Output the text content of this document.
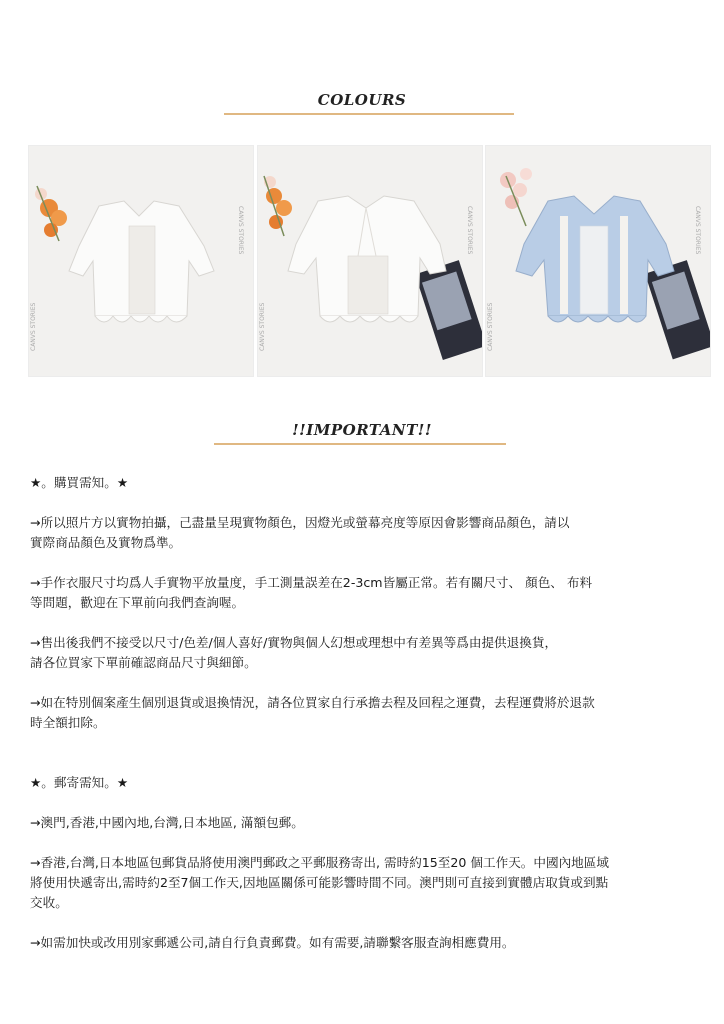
COLOURS
CANVS STORIES
CANVS STORIES
CANVS STORIES
CANVS STORIES
CANVS STORIES
CANVS STORIES
!!IMPORTANT!!
★。購買需知。★
→所以照片方以實物拍攝，己盡量呈現實物顏色，因燈光或螢幕亮度等原因會影響商品顏色，請以
實際商品顏色及實物爲準。
→手作衣服尺寸均爲人手實物平放量度，手工測量誤差在2-3cm皆屬正常。若有關尺寸、 顏色、 布料
等問題，歡迎在下單前向我們查詢喔。
→售出後我們不接受以尺寸/色差/個人喜好/實物與個人幻想或理想中有差異等爲由提供退換貨，
請各位買家下單前確認商品尺寸與細節。
→如在特別個案產生個別退貨或退換情況，請各位買家自行承擔去程及回程之運費，去程運費將於退款
時全額扣除。
★。郵寄需知。★
→澳門,香港,中國內地,台灣,日本地區, 滿額包郵。
→香港,台灣,日本地區包郵貨品將使用澳門郵政之平郵服務寄出, 需時約15至20 個工作天。中國內地區域
將使用快遞寄出,需時約2至7個工作天,因地區關係可能影響時間不同。澳門則可直接到實體店取貨或到點
交收。
→如需加快或改用別家郵遞公司,請自行負責郵費。如有需要,請聯繫客服查詢相應費用。
